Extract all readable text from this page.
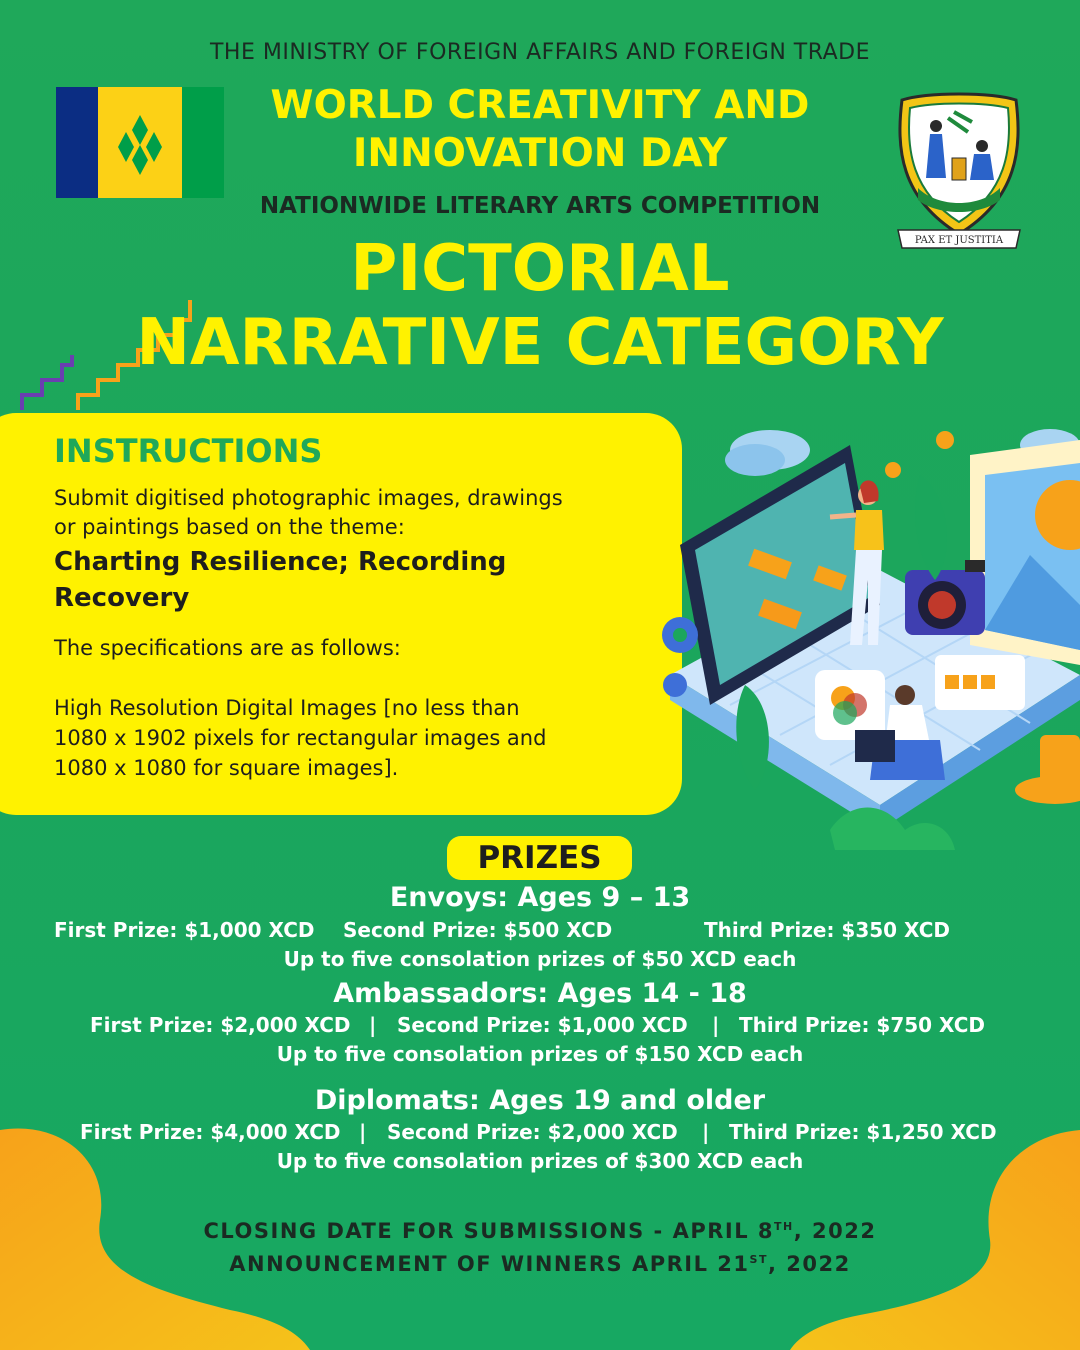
THE MINISTRY OF FOREIGN AFFAIRS AND FOREIGN TRADE
PAX ET JUSTITIA
WORLD CREATIVITY AND
INNOVATION DAY
NATIONWIDE LITERARY ARTS COMPETITION
PICTORIAL
NARRATIVE CATEGORY
INSTRUCTIONS
Submit digitised photographic images, drawings
or paintings based on the theme:
Charting Resilience; Recording
Recovery
The specifications are as follows:
High Resolution Digital Images [no less than
1080 x 1902 pixels for rectangular images and
1080 x 1080 for square images].
PRIZES
Envoys: Ages 9 – 13
First Prize: $1,000 XCD Second Prize: $500 XCD	Third Prize: $350 XCD
Up to five consolation prizes of $50 XCD each
Ambassadors: Ages 14 - 18
First Prize: $2,000 XCD | Second Prize: $1,000 XCD | Third Prize: $750 XCD
Up to five consolation prizes of $150 XCD each
Diplomats: Ages 19 and older
First Prize: $4,000 XCD | Second Prize: $2,000 XCD | Third Prize: $1,250 XCD
Up to five consolation prizes of $300 XCD each
CLOSING DATE FOR SUBMISSIONS - APRIL 8TH, 2022
ANNOUNCEMENT OF WINNERS APRIL 21ST, 2022
